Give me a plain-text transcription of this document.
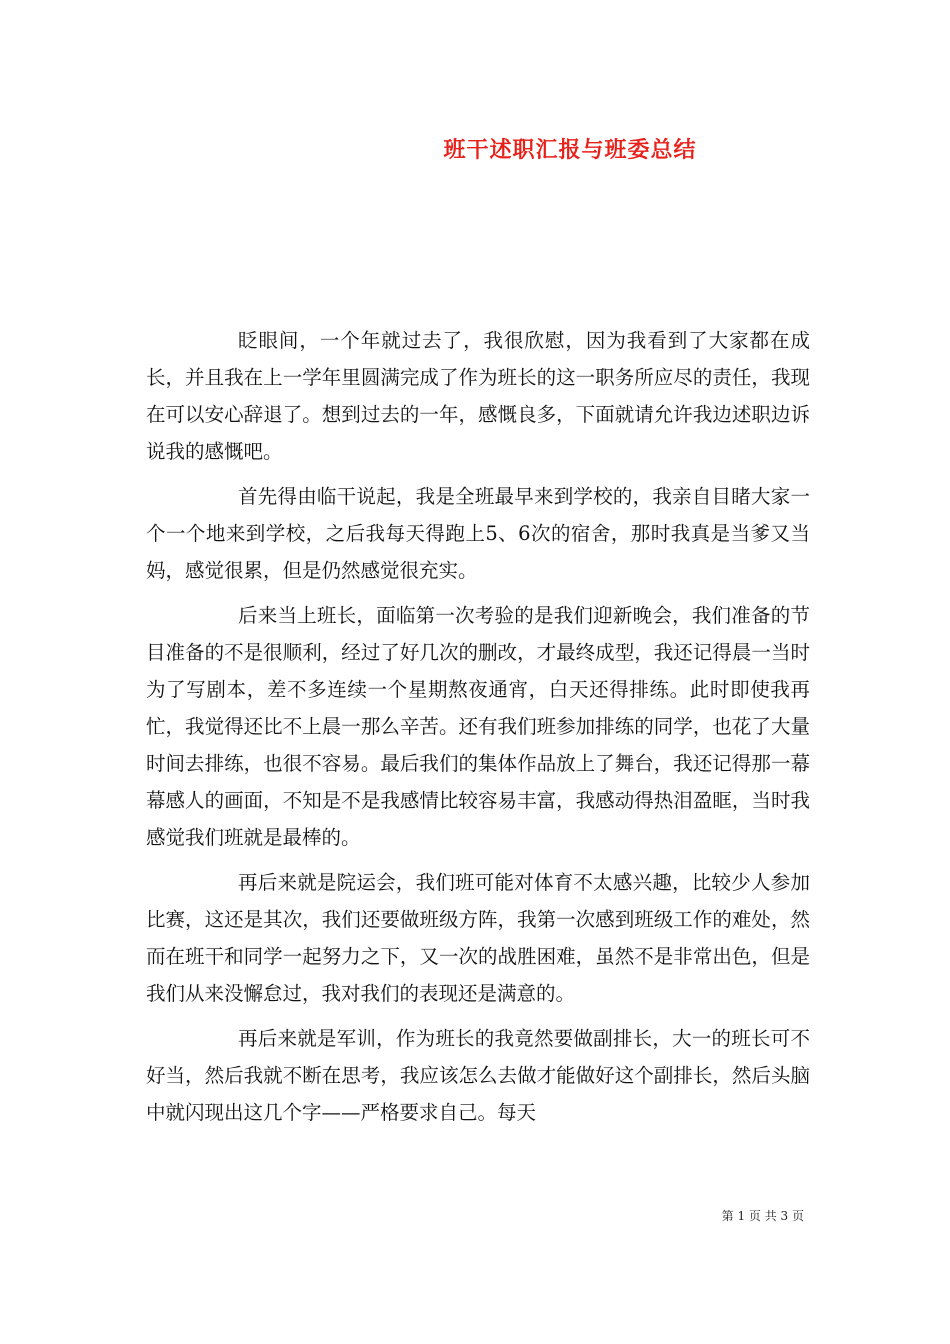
班干述职汇报与班委总结

眨眼间，一个年就过去了，我很欣慰，因为我看到了大家都在成长，并且我在上一学年里圆满完成了作为班长的这一职务所应尽的责任，我现在可以安心辞退了。想到过去的一年，感慨良多，下面就请允许我边述职边诉说我的感慨吧。

首先得由临干说起，我是全班最早来到学校的，我亲自目睹大家一个一个地来到学校，之后我每天得跑上5、6次的宿舍，那时我真是当爹又当妈，感觉很累，但是仍然感觉很充实。

后来当上班长，面临第一次考验的是我们迎新晚会，我们准备的节目准备的不是很顺利，经过了好几次的删改，才最终成型，我还记得晨一当时为了写剧本，差不多连续一个星期熬夜通宵，白天还得排练。此时即使我再忙，我觉得还比不上晨一那么辛苦。还有我们班参加排练的同学，也花了大量时间去排练，也很不容易。最后我们的集体作品放上了舞台，我还记得那一幕幕感人的画面，不知是不是我感情比较容易丰富，我感动得热泪盈眶，当时我感觉我们班就是最棒的。

再后来就是院运会，我们班可能对体育不太感兴趣，比较少人参加比赛，这还是其次，我们还要做班级方阵，我第一次感到班级工作的难处，然而在班干和同学一起努力之下，又一次的战胜困难，虽然不是非常出色，但是我们从来没懈怠过，我对我们的表现还是满意的。

再后来就是军训，作为班长的我竟然要做副排长，大一的班长可不好当，然后我就不断在思考，我应该怎么去做才能做好这个副排长，然后头脑中就闪现出这几个字——严格要求自己。每天

第 1 页 共 3 页
